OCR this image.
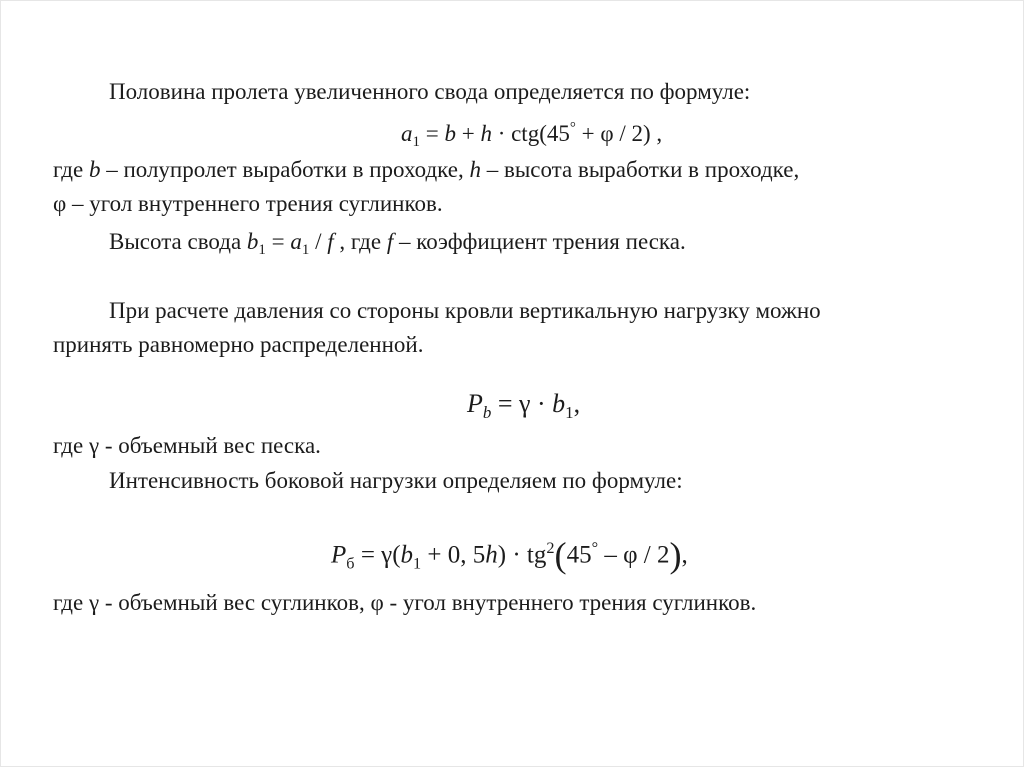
Половина пролета увеличенного свода определяется по формуле:
$a_1 = b + h \cdot ctg(45^\circ + \varphi / 2)$ ,
где b – полупролет выработки в проходке, h – высота выработки в проходке,
φ – угол внутреннего трения суглинков.
Высота свода $b_1 = a_1 / f$ , где f – коэффициент трения песка.
При расчете давления со стороны кровли вертикальную нагрузку можно
принять равномерно распределенной.
$P_b = \gamma \cdot b_1$,
где γ - объемный вес песка.
Интенсивность боковой нагрузки определяем по формуле:
$P_б = \gamma(b_1 + 0$, $5h) \cdot tg^2(45^\circ - \varphi / 2)$,
где γ - объемный вес суглинков, φ - угол внутреннего трения суглинков.
